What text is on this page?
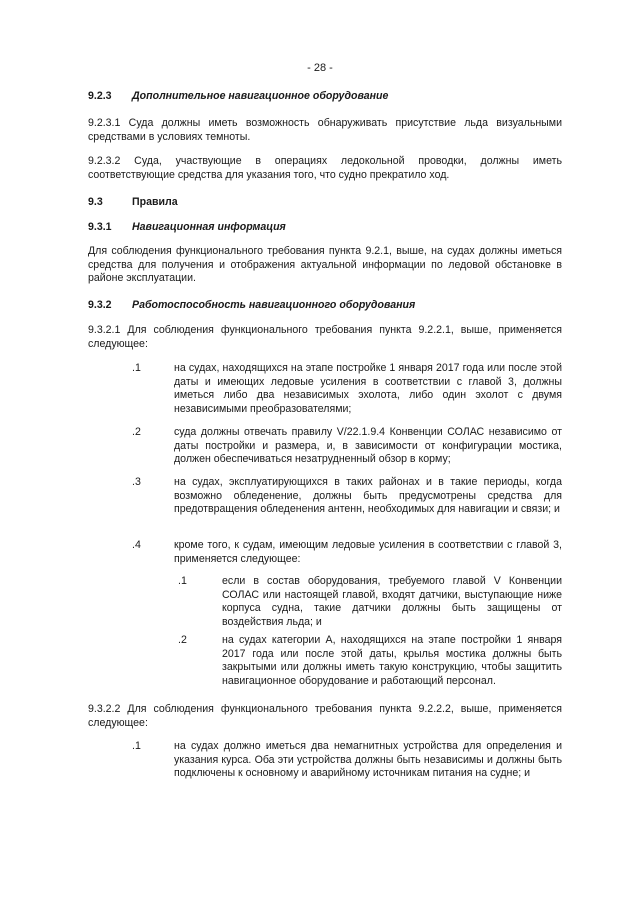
- 28 -
9.2.3 Дополнительное навигационное оборудование
9.2.3.1 Суда должны иметь возможность обнаруживать присутствие льда визуальными средствами в условиях темноты.
9.2.3.2 Суда, участвующие в операциях ледокольной проводки, должны иметь соответствующие средства для указания того, что судно прекратило ход.
9.3	Правила
9.3.1 Навигационная информация
Для соблюдения функционального требования пункта 9.2.1, выше, на судах должны иметься средства для получения и отображения актуальной информации по ледовой обстановке в районе эксплуатации.
9.3.2 Работоспособность навигационного оборудования
9.3.2.1 Для соблюдения функционального требования пункта 9.2.2.1, выше, применяется следующее:
.1	на судах, находящихся на этапе постройке 1 января 2017 года или после этой даты и имеющих ледовые усиления в соответствии с главой 3, должны иметься либо два независимых эхолота, либо один эхолот с двумя независимыми преобразователями;
.2	суда должны отвечать правилу V/22.1.9.4 Конвенции СОЛАС независимо от даты постройки и размера, и, в зависимости от конфигурации мостика, должен обеспечиваться незатрудненный обзор в корму;
.3	на судах, эксплуатирующихся в таких районах и в такие периоды, когда возможно обледенение, должны быть предусмотрены средства для предотвращения обледенения антенн, необходимых для навигации и связи; и
.4	кроме того, к судам, имеющим ледовые усиления в соответствии с главой 3, применяется следующее:
.1	если в состав оборудования, требуемого главой V Конвенции СОЛАС или настоящей главой, входят датчики, выступающие ниже корпуса судна, такие датчики должны быть защищены от воздействия льда; и
.2	на судах категории A, находящихся на этапе постройки 1 января 2017 года или после этой даты, крылья мостика должны быть закрытыми или должны иметь такую конструкцию, чтобы защитить навигационное оборудование и работающий персонал.
9.3.2.2 Для соблюдения функционального требования пункта 9.2.2.2, выше, применяется следующее:
.1	на судах должно иметься два немагнитных устройства для определения и указания курса. Оба эти устройства должны быть независимы и должны быть подключены к основному и аварийному источникам питания на судне; и
